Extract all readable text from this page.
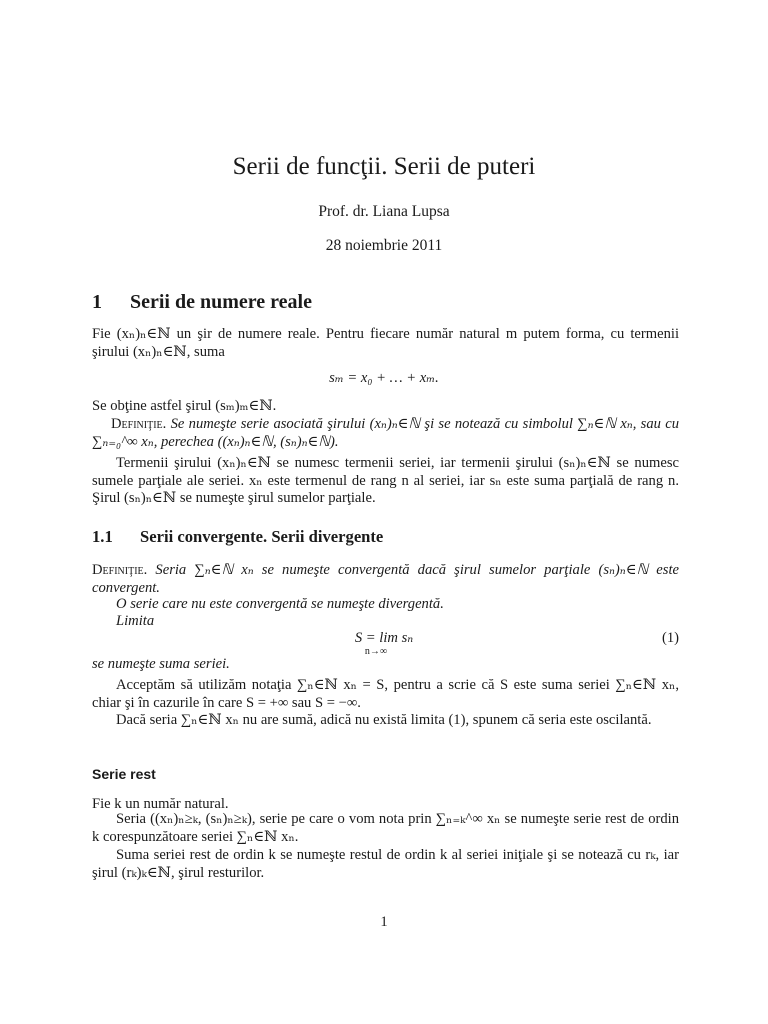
Serii de funcţii. Serii de puteri
Prof. dr. Liana Lupsa
28 noiembrie 2011
1 Serii de numere reale

Fie (xₙ)ₙ∈ℕ un şir de numere reale. Pentru fiecare număr natural m putem forma, cu termenii şirului (xₙ)ₙ∈ℕ, suma

sₘ = x₀ + … + xₘ.

Se obţine astfel şirul (sₘ)ₘ∈ℕ.

Definiţie. Se numeşte serie asociată şirului (xₙ)ₙ∈ℕ şi se notează cu simbolul ∑ₙ∈ℕ xₙ, sau cu ∑ₙ₌₀^∞ xₙ, perechea ((xₙ)ₙ∈ℕ, (sₙ)ₙ∈ℕ).

Termenii şirului (xₙ)ₙ∈ℕ se numesc termenii seriei, iar termenii şirului (sₙ)ₙ∈ℕ se numesc sumele parţiale ale seriei. xₙ este termenul de rang n al seriei, iar sₙ este suma parţială de rang n. Şirul (sₙ)ₙ∈ℕ se numeşte şirul sumelor parţiale.

1.1 Serii convergente. Serii divergente

Definiţie. Seria ∑ₙ∈ℕ xₙ se numeşte convergentă dacă şirul sumelor parţiale (sₙ)ₙ∈ℕ este convergent.

O serie care nu este convergentă se numeşte divergentă.

Limita

S = lim sₙ
n→∞
(1)

se numeşte suma seriei.

Acceptăm să utilizăm notaţia ∑ₙ∈ℕ xₙ = S, pentru a scrie că S este suma seriei ∑ₙ∈ℕ xₙ, chiar şi în cazurile în care S = +∞ sau S = −∞.

Dacă seria ∑ₙ∈ℕ xₙ nu are sumă, adică nu există limita (1), spunem că seria este oscilantă.

Serie rest

Fie k un număr natural.

Seria ((xₙ)ₙ≥ₖ, (sₙ)ₙ≥ₖ), serie pe care o vom nota prin ∑ₙ₌ₖ^∞ xₙ se numeşte serie rest de ordin k corespunzătoare seriei ∑ₙ∈ℕ xₙ.

Suma seriei rest de ordin k se numeşte restul de ordin k al seriei iniţiale şi se notează cu rₖ, iar şirul (rₖ)ₖ∈ℕ, şirul resturilor.

1
